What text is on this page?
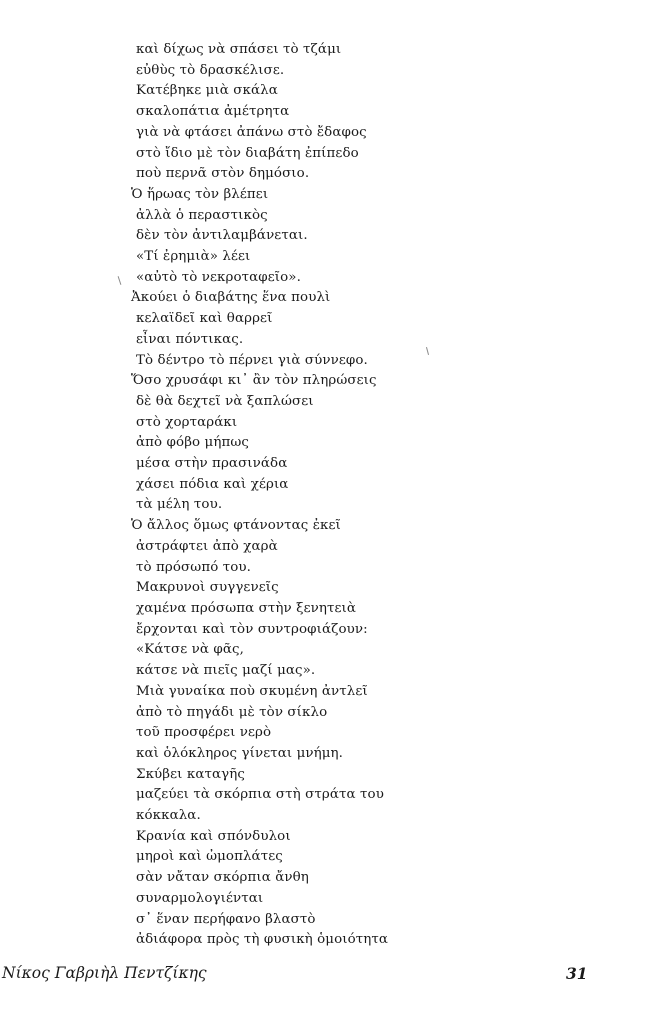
καὶ δίχως νὰ σπάσει τὸ τζάμι
εὐθὺς τὸ δρασκέλισε.
Κατέβηκε μιὰ σκάλα
σκαλοπάτια ἀμέτρητα
γιὰ νὰ φτάσει ἀπάνω στὸ ἔδαφος
στὸ ἴδιο μὲ τὸν διαβάτη ἐπίπεδο
ποὺ περνᾶ στὸν δημόσιο.
Ὁ ἥρωας τὸν βλέπει
ἀλλὰ ὁ περαστικὸς
δὲν τὸν ἀντιλαμβάνεται.
«Τί ἐρημιὰ» λέει
«αὐτὸ τὸ νεκροταφεῖο».
Ἀκούει ὁ διαβάτης ἕνα πουλὶ
κελαϊδεῖ καὶ θαρρεῖ
εἶναι πόντικας.
Τὸ δέντρο τὸ πέρνει γιὰ σύννεφο.
Ὅσο χρυσάφι κι᾿ ἂν τὸν πληρώσεις
δὲ θὰ δεχτεῖ νὰ ξαπλώσει
στὸ χορταράκι
ἀπὸ φόβο μήπως
μέσα στὴν πρασινάδα
χάσει πόδια καὶ χέρια
τὰ μέλη του.
Ὁ ἄλλος ὅμως φτάνοντας ἐκεῖ
ἀστράφτει ἀπὸ χαρὰ
τὸ πρόσωπό του.
Μακρυνοὶ συγγενεῖς
χαμένα πρόσωπα στὴν ξενητειὰ
ἔρχονται καὶ τὸν συντροφιάζουν:
«Κάτσε νὰ φᾶς,
κάτσε νὰ πιεῖς μαζί μας».
Μιὰ γυναίκα ποὺ σκυμένη ἀντλεῖ
ἀπὸ τὸ πηγάδι μὲ τὸν σίκλο
τοῦ προσφέρει νερὸ
καὶ ὁλόκληρος γίνεται μνήμη.
Σκύβει καταγῆς
μαζεύει τὰ σκόρπια στὴ στράτα του
κόκκαλα.
Κρανία καὶ σπόνδυλοι
μηροὶ καὶ ὠμοπλάτες
σὰν νἄταν σκόρπια ἄνθη
συναρμολογιένται
σ᾿ ἕναν περήφανο βλαστὸ
ἀδιάφορα πρὸς τὴ φυσικὴ ὁμοιότητα
Νίκος Γαβριὴλ Πεντζίκης	31
